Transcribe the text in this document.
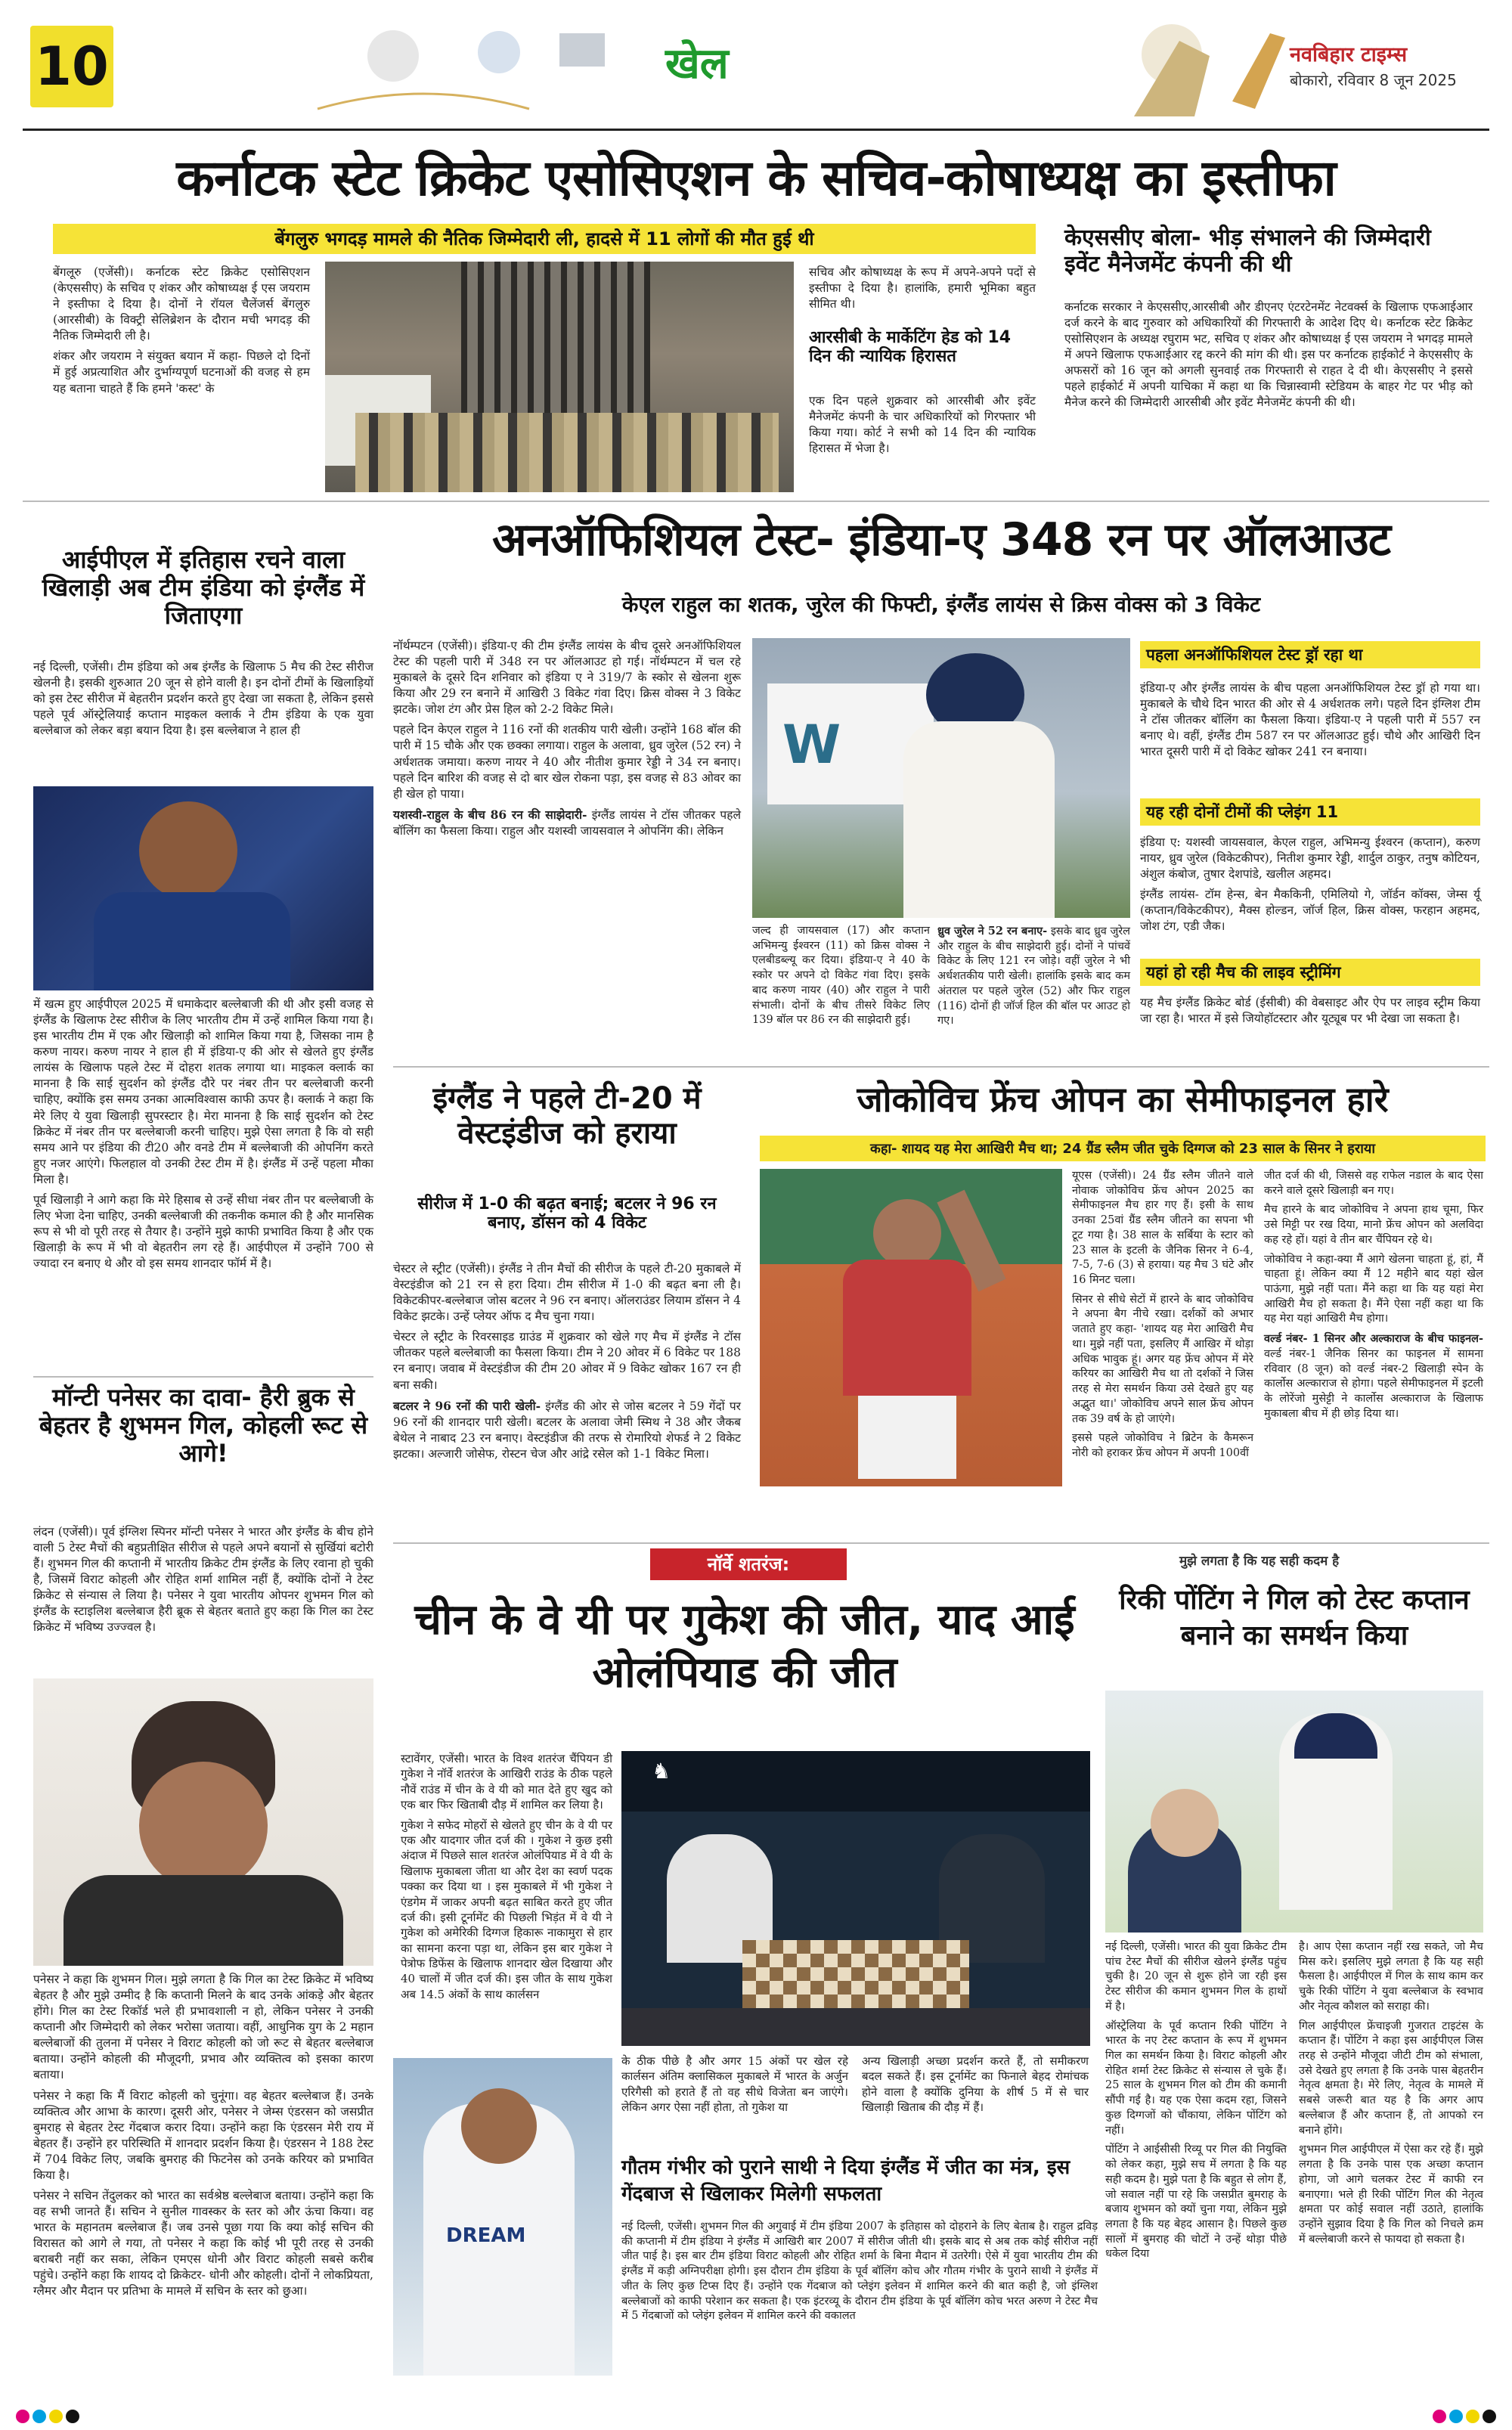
10	खेल	नवबिहार टाइम्स
बोकारो, रविवार 8 जून 2025
कर्नाटक स्टेट क्रिकेट एसोसिएशन के सचिव-कोषाध्यक्ष का इस्तीफा
बेंगलुरु भगदड़ मामले की नैतिक जिम्मेदारी ली, हादसे में 11 लोगों की मौत हुई थी
बेंगलूरु (एजेंसी)। कर्नाटक स्टेट क्रिकेट एसोसिएशन (केएससीए) के सचिव ए शंकर और कोषाध्यक्ष ई एस जयराम ने इस्तीफा दे दिया है। दोनों ने रॉयल चैलेंजर्स बेंगलुरु (आरसीबी) के विक्ट्री सेलिब्रेशन के दौरान मची भगदड़ की नैतिक जिम्मेदारी ली है।
शंकर और जयराम ने संयुक्त बयान में कहा- पिछले दो दिनों में हुई अप्रत्याशित और दुर्भाग्यपूर्ण घटनाओं की वजह से हम यह बताना चाहते हैं कि हमने 'कस्ट' के
सचिव और कोषाध्यक्ष के रूप में अपने-अपने पदों से इस्तीफा दे दिया है। हालांकि, हमारी भूमिका बहुत सीमित थी।
आरसीबी के मार्केटिंग हेड को 14 दिन की न्यायिक हिरासत
एक दिन पहले शुक्रवार को आरसीबी और इवेंट मैनेजमेंट कंपनी के चार अधिकारियों को गिरफ्तार भी किया गया। कोर्ट ने सभी को 14 दिन की न्यायिक हिरासत में भेजा है।
केएससीए बोला- भीड़ संभालने की जिम्मेदारी इवेंट मैनेजमेंट कंपनी की थी
कर्नाटक सरकार ने केएससीए,आरसीबी और डीएनए एंटरटेनमेंट नेटवर्क्स के खिलाफ एफआईआर दर्ज करने के बाद गुरुवार को अधिकारियों की गिरफ्तारी के आदेश दिए थे। कर्नाटक स्टेट क्रिकेट एसोसिएशन के अध्यक्ष रघुराम भट, सचिव ए शंकर और कोषाध्यक्ष ई एस जयराम ने भगदड़ मामले में अपने खिलाफ एफआईआर रद्द करने की मांग की थी। इस पर कर्नाटक हाईकोर्ट ने केएससीए के अफसरों को 16 जून को अगली सुनवाई तक गिरफ्तारी से राहत दे दी थी। केएससीए ने इससे पहले हाईकोर्ट में अपनी याचिका में कहा था कि चिन्नास्वामी स्टेडियम के बाहर गेट पर भीड़ को मैनेज करने की जिम्मेदारी आरसीबी और इवेंट मैनेजमेंट कंपनी की थी।
आईपीएल में इतिहास रचने वाला खिलाड़ी अब टीम इंडिया को इंग्लैंड में जिताएगा
नई दिल्ली, एजेंसी। टीम इंडिया को अब इंग्लैंड के खिलाफ 5 मैच की टेस्ट सीरीज खेलनी है। इसकी शुरुआत 20 जून से होने वाली है। इन दोनों टीमों के खिलाड़ियों को इस टेस्ट सीरीज में बेहतरीन प्रदर्शन करते हुए देखा जा सकता है, लेकिन इससे पहले पूर्व ऑस्ट्रेलियाई कप्तान माइकल क्लार्क ने टीम इंडिया के एक युवा बल्लेबाज को लेकर बड़ा बयान दिया है। इस बल्लेबाज ने हाल ही
में खत्म हुए आईपीएल 2025 में धमाकेदार बल्लेबाजी की थी और इसी वजह से इंग्लैंड के खिलाफ टेस्ट सीरीज के लिए भारतीय टीम में उन्हें शामिल किया गया है। इस भारतीय टीम में एक और खिलाड़ी को शामिल किया गया है, जिसका नाम है करुण नायर। करुण नायर ने हाल ही में इंडिया-ए की ओर से खेलते हुए इंग्लैंड लायंस के खिलाफ पहले टेस्ट में दोहरा शतक लगाया था। माइकल क्लार्क का मानना है कि साई सुदर्शन को इंग्लैंड दौरे पर नंबर तीन पर बल्लेबाजी करनी चाहिए, क्योंकि इस समय उनका आत्मविश्वास काफी ऊपर है। क्लार्क ने कहा कि मेरे लिए ये युवा खिलाड़ी सुपरस्टार है। मेरा मानना है कि साई सुदर्शन को टेस्ट क्रिकेट में नंबर तीन पर बल्लेबाजी करनी चाहिए। मुझे ऐसा लगता है कि वो सही समय आने पर इंडिया की टी20 और वनडे टीम में बल्लेबाजी की ओपनिंग करते हुए नजर आएंगे। फिलहाल वो उनकी टेस्ट टीम में है। इंग्लैंड में उन्हें पहला मौका मिला है।
पूर्व खिलाड़ी ने आगे कहा कि मेरे हिसाब से उन्हें सीधा नंबर तीन पर बल्लेबाजी के लिए भेजा देना चाहिए, उनकी बल्लेबाजी की तकनीक कमाल की है और मानसिक रूप से भी वो पूरी तरह से तैयार है। उन्होंने मुझे काफी प्रभावित किया है और एक खिलाड़ी के रूप में भी वो बेहतरीन लग रहे हैं। आईपीएल में उन्होंने 700 से ज्यादा रन बनाए थे और वो इस समय शानदार फॉर्म में है।
मॉन्टी पनेसर का दावा- हैरी ब्रुक से बेहतर है शुभमन गिल, कोहली रूट से आगे!
लंदन (एजेंसी)। पूर्व इंग्लिश स्पिनर मॉन्टी पनेसर ने भारत और इंग्लैंड के बीच होने वाली 5 टेस्ट मैचों की बहुप्रतीक्षित सीरीज से पहले अपने बयानों से सुर्खियां बटोरी हैं। शुभमन गिल की कप्तानी में भारतीय क्रिकेट टीम इंग्लैंड के लिए रवाना हो चुकी है, जिसमें विराट कोहली और रोहित शर्मा शामिल नहीं हैं, क्योंकि दोनों ने टेस्ट क्रिकेट से संन्यास ले लिया है। पनेसर ने युवा भारतीय ओपनर शुभमन गिल को इंग्लैंड के स्टाइलिश बल्लेबाज हैरी ब्रूक से बेहतर बताते हुए कहा कि गिल का टेस्ट क्रिकेट में भविष्य उज्ज्वल है।
पनेसर ने कहा कि शुभमन गिल। मुझे लगता है कि गिल का टेस्ट क्रिकेट में भविष्य बेहतर है और मुझे उम्मीद है कि कप्तानी मिलने के बाद उनके आंकड़े और बेहतर होंगे। गिल का टेस्ट रिकॉर्ड भले ही प्रभावशाली न हो, लेकिन पनेसर ने उनकी कप्तानी और जिम्मेदारी को लेकर भरोसा जताया। वहीं, आधुनिक युग के 2 महान बल्लेबाजों की तुलना में पनेसर ने विराट कोहली को जो रूट से बेहतर बल्लेबाज बताया। उन्होंने कोहली की मौजूदगी, प्रभाव और व्यक्तित्व को इसका कारण बताया।
पनेसर ने कहा कि मैं विराट कोहली को चुनूंगा। वह बेहतर बल्लेबाज हैं। उनके व्यक्तित्व और आभा के कारण। दूसरी ओर, पनेसर ने जेम्स एंडरसन को जसप्रीत बुमराह से बेहतर टेस्ट गेंदबाज करार दिया। उन्होंने कहा कि एंडरसन मेरी राय में बेहतर हैं। उन्होंने हर परिस्थिति में शानदार प्रदर्शन किया है। एंडरसन ने 188 टेस्ट में 704 विकेट लिए, जबकि बुमराह की फिटनेस को उनके करियर को प्रभावित किया है।
पनेसर ने सचिन तेंदुलकर को भारत का सर्वश्रेष्ठ बल्लेबाज बताया। उन्होंने कहा कि वह सभी जानते हैं। सचिन ने सुनील गावस्कर के स्तर को और ऊंचा किया। वह भारत के महानतम बल्लेबाज हैं। जब उनसे पूछा गया कि क्या कोई सचिन की विरासत को आगे ले गया, तो पनेसर ने कहा कि कोई भी पूरी तरह से उनकी बराबरी नहीं कर सका, लेकिन एमएस धोनी और विराट कोहली सबसे करीब पहुंचे। उन्होंने कहा कि शायद दो क्रिकेटर- धोनी और कोहली। दोनों ने लोकप्रियता, ग्लैमर और मैदान पर प्रतिभा के मामले में सचिन के स्तर को छुआ।
अनऑफिशियल टेस्ट- इंडिया-ए 348 रन पर ऑलआउट
केएल राहुल का शतक, जुरेल की फिफ्टी, इंग्लैंड लायंस से क्रिस वोक्स को 3 विकेट
नॉर्थम्पटन (एजेंसी)। इंडिया-ए की टीम इंग्लैंड लायंस के बीच दूसरे अनऑफिशियल टेस्ट की पहली पारी में 348 रन पर ऑलआउट हो गई। नॉर्थम्पटन में चल रहे मुकाबले के दूसरे दिन शनिवार को इंडिया ए ने 319/7 के स्कोर से खेलना शुरू किया और 29 रन बनाने में आखिरी 3 विकेट गंवा दिए। क्रिस वोक्स ने 3 विकेट झटके। जोश टंग और प्रेस हिल को 2-2 विकेट मिले।
पहले दिन केएल राहुल ने 116 रनों की शतकीय पारी खेली। उन्होंने 168 बॉल की पारी में 15 चौके और एक छक्का लगाया। राहुल के अलावा, ध्रुव जुरेल (52 रन) ने अर्धशतक जमाया। करुण नायर ने 40 और नीतीश कुमार रेड्डी ने 34 रन बनाए। पहले दिन बारिश की वजह से दो बार खेल रोकना पड़ा, इस वजह से 83 ओवर का ही खेल हो पाया।
यशस्वी-राहुल के बीच 86 रन की साझेदारी- इंग्लैंड लायंस ने टॉस जीतकर पहले बॉलिंग का फैसला किया। राहुल और यशस्वी जायसवाल ने ओपनिंग की। लेकिन
W
जल्द ही जायसवाल (17) और कप्तान अभिमन्यु ईश्वरन (11) को क्रिस वोक्स ने एलबीडब्ल्यू कर दिया। इंडिया-ए ने 40 के स्कोर पर अपने दो विकेट गंवा दिए। इसके बाद करुण नायर (40) और राहुल ने पारी संभाली। दोनों के बीच तीसरे विकेट लिए 139 बॉल पर 86 रन की साझेदारी हुई।
ध्रुव जुरेल ने 52 रन बनाए- इसके बाद ध्रुव जुरेल और राहुल के बीच साझेदारी हुई। दोनों ने पांचवें विकेट के लिए 121 रन जोड़े। वहीं जुरेल ने भी अर्धशतकीय पारी खेली। हालांकि इसके बाद कम अंतराल पर पहले जुरेल (52) और फिर राहुल (116) दोनों ही जॉर्ज हिल की बॉल पर आउट हो गए।
पहला अनऑफिशियल टेस्ट ड्रॉ रहा था
इंडिया-ए और इंग्लैंड लायंस के बीच पहला अनऑफिशियल टेस्ट ड्रॉ हो गया था। मुकाबले के चौथे दिन भारत की ओर से 4 अर्धशतक लगे। पहले दिन इंग्लिश टीम ने टॉस जीतकर बॉलिंग का फैसला किया। इंडिया-ए ने पहली पारी में 557 रन बनाए थे। वहीं, इंग्लैंड टीम 587 रन पर ऑलआउट हुई। चौथे और आखिरी दिन भारत दूसरी पारी में दो विकेट खोकर 241 रन बनाया।
यह रही दोनों टीमों की प्लेइंग 11
इंडिया ए: यशस्वी जायसवाल, केएल राहुल, अभिमन्यु ईश्वरन (कप्तान), करुण नायर, ध्रुव जुरेल (विकेटकीपर), नितीश कुमार रेड्डी, शार्दुल ठाकुर, तनुष कोटियन, अंशुल कंबोज, तुषार देशपांडे, खलील अहमद।
इंग्लैंड लायंस- टॉम हेन्स, बेन मैककिनी, एमिलियो गे, जॉर्डन कॉक्स, जेम्स र्यू (कप्तान/विकेटकीपर), मैक्स होल्डन, जॉर्ज हिल, क्रिस वोक्स, फरहान अहमद, जोश टंग, एडी जैक।
यहां हो रही मैच की लाइव स्ट्रीमिंग
यह मैच इंग्लैंड क्रिकेट बोर्ड (ईसीबी) की वेबसाइट और ऐप पर लाइव स्ट्रीम किया जा रहा है। भारत में इसे जियोहॉटस्टार और यूट्यूब पर भी देखा जा सकता है।
इंग्लैंड ने पहले टी-20 में वेस्टइंडीज को हराया
सीरीज में 1-0 की बढ़त बनाई; बटलर ने 96 रन बनाए, डॉसन को 4 विकेट
चेस्टर ले स्ट्रीट (एजेंसी)। इंग्लैंड ने तीन मैचों की सीरीज के पहले टी-20 मुकाबले में वेस्टइंडीज को 21 रन से हरा दिया। टीम सीरीज में 1-0 की बढ़त बना ली है। विकेटकीपर-बल्लेबाज जोस बटलर ने 96 रन बनाए। ऑलराउंडर लियाम डॉसन ने 4 विकेट झटके। उन्हें प्लेयर ऑफ द मैच चुना गया।
चेस्टर ले स्ट्रीट के रिवरसाइड ग्राउंड में शुक्रवार को खेले गए मैच में इंग्लैंड ने टॉस जीतकर पहले बल्लेबाजी का फैसला किया। टीम ने 20 ओवर में 6 विकेट पर 188 रन बनाए। जवाब में वेस्टइंडीज की टीम 20 ओवर में 9 विकेट खोकर 167 रन ही बना सकी।
बटलर ने 96 रनों की पारी खेली- इंग्लैंड की ओर से जोस बटलर ने 59 गेंदों पर 96 रनों की शानदार पारी खेली। बटलर के अलावा जेमी स्मिथ ने 38 और जैकब बेथेल ने नाबाद 23 रन बनाए। वेस्टइंडीज की तरफ से रोमारियो शेफर्ड ने 2 विकेट झटका। अल्जारी जोसेफ, रोस्टन चेज और आंद्रे रसेल को 1-1 विकेट मिला।
जोकोविच फ्रेंच ओपन का सेमीफाइनल हारे
कहा- शायद यह मेरा आखिरी मैच था; 24 ग्रैंड स्लैम जीत चुके दिग्गज को 23 साल के सिनर ने हराया
यूएस (एजेंसी)। 24 ग्रैंड स्लैम जीतने वाले नोवाक जोकोविच फ्रेंच ओपन 2025 का सेमीफाइनल मैच हार गए हैं। इसी के साथ उनका 25वां ग्रैंड स्लैम जीतने का सपना भी टूट गया है। 38 साल के सर्बिया के स्टार को 23 साल के इटली के जैनिक सिनर ने 6-4, 7-5, 7-6 (3) से हराया। यह मैच 3 घंटे और 16 मिनट चला।
सिनर से सीधे सेटों में हारने के बाद जोकोविच ने अपना बैग नीचे रखा। दर्शकों को अभार जताते हुए कहा- 'शायद यह मेरा आखिरी मैच था। मुझे नहीं पता, इसलिए मैं आखिर में थोड़ा अधिक भावुक हूं। अगर यह फ्रेंच ओपन में मेरे करियर का आखिरी मैच था तो दर्शकों ने जिस तरह से मेरा समर्थन किया उसे देखते हुए यह अद्भुत था।' जोकोविच अपने साल फ्रेंच ओपन तक 39 वर्ष के हो जाएंगे।
इससे पहले जोकोविच ने ब्रिटेन के कैमरून नोरी को हराकर फ्रेंच ओपन में अपनी 100वीं
जीत दर्ज की थी, जिससे वह राफेल नडाल के बाद ऐसा करने वाले दूसरे खिलाड़ी बन गए।
मैच हारने के बाद जोकोविच ने अपना हाथ चूमा, फिर उसे मिट्टी पर रख दिया, मानो फ्रेंच ओपन को अलविदा कह रहे हों। यहां वे तीन बार चैंपियन रहे थे।
जोकोविच ने कहा-क्या मैं आगे खेलना चाहता हूं, हां, मैं चाहता हूं। लेकिन क्या मैं 12 महीने बाद यहां खेल पाऊंगा, मुझे नहीं पता। मैंने कहा था कि यह यहां मेरा आखिरी मैच हो सकता है। मैंने ऐसा नहीं कहा था कि यह मेरा यहां आखिरी मैच होगा।
वर्ल्ड नंबर- 1 सिनर और अल्काराज के बीच फाइनल- वर्ल्ड नंबर-1 जैनिक सिनर का फाइनल में सामना रविवार (8 जून) को वर्ल्ड नंबर-2 खिलाड़ी स्पेन के कार्लोस अल्काराज से होगा। पहले सेमीफाइनल में इटली के लोरेंजो मुसेट्टी ने कार्लोस अल्काराज के खिलाफ मुकाबला बीच में ही छोड़ दिया था।
नॉर्वे शतरंज:
चीन के वे यी पर गुकेश की जीत, याद आई ओलंपियाड की जीत
स्टावेंगर, एजेंसी। भारत के विश्व शतरंज चैंपियन डी गुकेश ने नॉर्वे शतरंज के आखिरी राउंड के ठीक पहले नौवें राउंड में चीन के वे यी को मात देते हुए खुद को एक बार फिर खिताबी दौड़ में शामिल कर लिया है।
गुकेश ने सफेद मोहरों से खेलते हुए चीन के वे यी पर एक और यादगार जीत दर्ज की । गुकेश ने कुछ इसी अंदाज में पिछले साल शतरंज ओलंपियाड में वे यी के खिलाफ मुकाबला जीता था और देश का स्वर्ण पदक पक्का कर दिया था । इस मुकाबले में भी गुकेश ने एंडगेम में जाकर अपनी बढ़त साबित करते हुए जीत दर्ज की। इसी टूर्नामेंट की पिछली भिड़ंत में वे यी ने गुकेश को अमेरिकी दिग्गज हिकारू नाकामुरा से हार का सामना करना पड़ा था, लेकिन इस बार गुकेश ने पेत्रोफ डिफेंस के खिलाफ शानदार खेल दिखाया और 40 चालों में जीत दर्ज की। इस जीत के साथ गुकेश अब 14.5 अंकों के साथ कार्लसन
♞
के ठीक पीछे है और अगर 15 अंकों पर खेल रहे कार्लसन अंतिम क्लासिकल मुकाबले में भारत के अर्जुन एरिगैसी को हराते हैं तो वह सीधे विजेता बन जाएंगे। लेकिन अगर ऐसा नहीं होता, तो गुकेश या
अन्य खिलाड़ी अच्छा प्रदर्शन करते हैं, तो समीकरण बदल सकते हैं। इस टूर्नामेंट का फिनाले बेहद रोमांचक होने वाला है क्योंकि दुनिया के शीर्ष 5 में से चार खिलाड़ी खिताब की दौड़ में हैं।
मुझे लगता है कि यह सही कदम है
रिकी पोंटिंग ने गिल को टेस्ट कप्तान बनाने का समर्थन किया
नई दिल्ली, एजेंसी। भारत की युवा क्रिकेट टीम पांच टेस्ट मैचों की सीरीज खेलने इंग्लैंड पहुंच चुकी है। 20 जून से शुरू होने जा रही इस टेस्ट सीरीज की कमान शुभमन गिल के हाथों में है।
ऑस्ट्रेलिया के पूर्व कप्तान रिकी पोंटिंग ने भारत के नए टेस्ट कप्तान के रूप में शुभमन गिल का समर्थन किया है। विराट कोहली और रोहित शर्मा टेस्ट क्रिकेट से संन्यास ले चुके हैं। 25 साल के शुभमन गिल को टीम की कमानी सौंपी गई है। यह एक ऐसा कदम रहा, जिसने कुछ दिग्गजों को चौंकाया, लेकिन पोंटिंग को नहीं।
पोंटिंग ने आईसीसी रिव्यू पर गिल की नियुक्ति को लेकर कहा, मुझे सच में लगता है कि यह सही कदम है। मुझे पता है कि बहुत से लोग हैं, जो सवाल नहीं पा रहे कि जसप्रीत बुमराह के बजाय शुभमन को क्यों चुना गया, लेकिन मुझे लगता है कि यह बेहद आसान है। पिछले कुछ सालों में बुमराह की चोटों ने उन्हें थोड़ा पीछे धकेल दिया
है। आप ऐसा कप्तान नहीं रख सकते, जो मैच मिस करे। इसलिए मुझे लगता है कि यह सही फैसला है। आईपीएल में गिल के साथ काम कर चुके रिकी पोंटिंग ने युवा बल्लेबाज के स्वभाव और नेतृत्व कौशल को सराहा की।
गिल आईपीएल फ्रेंचाइजी गुजरात टाइटंस के कप्तान हैं। पोंटिंग ने कहा इस आईपीएल जिस तरह से उन्होंने मौजूदा जीटी टीम को संभाला, उसे देखते हुए लगता है कि उनके पास बेहतरीन नेतृत्व क्षमता है। मेरे लिए, नेतृत्व के मामले में सबसे जरूरी बात यह है कि अगर आप बल्लेबाज हैं और कप्तान हैं, तो आपको रन बनाने होंगे।
शुभमन गिल आईपीएल में ऐसा कर रहे हैं। मुझे लगता है कि उनके पास एक अच्छा कप्तान होगा, जो आगे चलकर टेस्ट में काफी रन बनाएगा। भले ही रिकी पोंटिंग गिल की नेतृत्व क्षमता पर कोई सवाल नहीं उठाते, हालांकि उन्होंने सुझाव दिया है कि गिल को निचले क्रम में बल्लेबाजी करने से फायदा हो सकता है।
DREAM
गौतम गंभीर को पुराने साथी ने दिया इंग्लैंड में जीत का मंत्र, इस गेंदबाज से खिलाकर मिलेगी सफलता
नई दिल्ली, एजेंसी। शुभमन गिल की अगुवाई में टीम इंडिया 2007 के इतिहास को दोहराने के लिए बेताब है। राहुल द्रविड़ की कप्तानी में टीम इंडिया ने इंग्लैंड में आखिरी बार 2007 में सीरीज जीती थी। इसके बाद से अब तक कोई सीरीज नहीं जीत पाई है। इस बार टीम इंडिया विराट कोहली और रोहित शर्मा के बिना मैदान में उतरेगी। ऐसे में युवा भारतीय टीम की इंग्लैंड में कड़ी अग्निपरीक्षा होगी। इस दौरान टीम इंडिया के पूर्व बॉलिंग कोच और गौतम गंभीर के पुराने साथी ने इंग्लैंड में जीत के लिए कुछ टिप्स दिए हैं। उन्होंने एक गेंदबाज को प्लेइंग इलेवन में शामिल करने की बात कही है, जो इंग्लिश बल्लेबाजों को काफी परेशान कर सकता है। एक इंटरव्यू के दौरान टीम इंडिया के पूर्व बॉलिंग कोच भरत अरुण ने टेस्ट मैच में 5 गेंदबाजों को प्लेइंग इलेवन में शामिल करने की वकालत
